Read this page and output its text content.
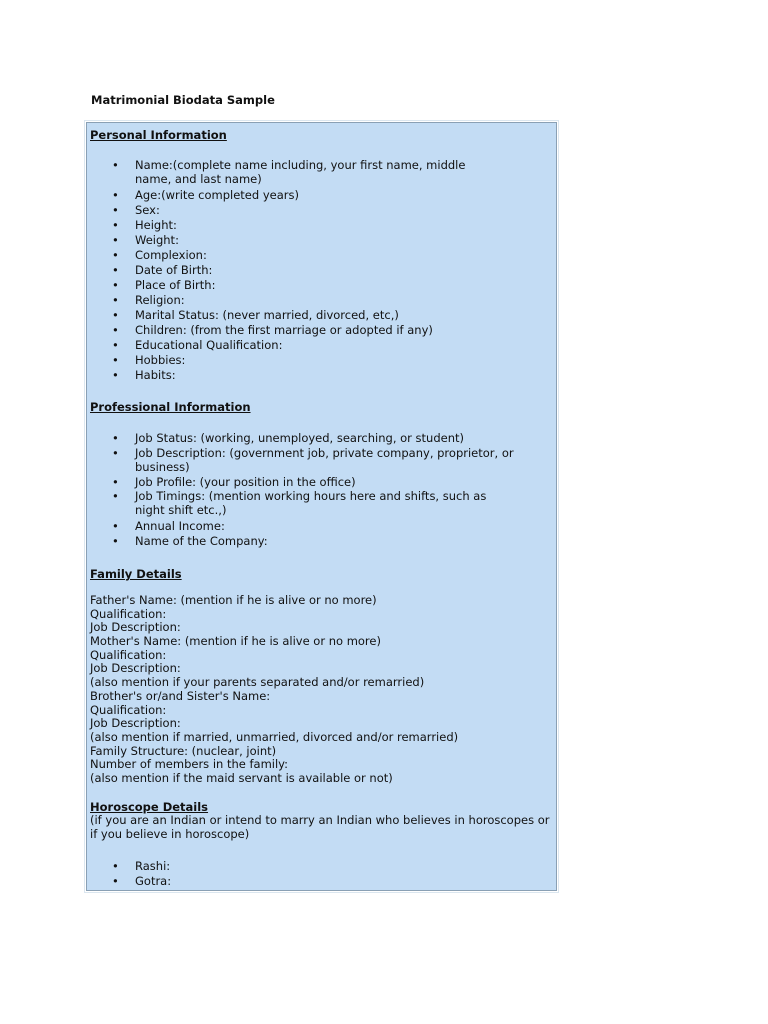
Matrimonial Biodata Sample
Personal Information
• Name:(complete name including, your first name, middle name, and last name)
• Age:(write completed years)
• Sex:
• Height:
• Weight:
• Complexion:
• Date of Birth:
• Place of Birth:
• Religion:
• Marital Status: (never married, divorced, etc,)
• Children: (from the first marriage or adopted if any)
• Educational Qualification:
• Hobbies:
• Habits:
Professional Information
• Job Status: (working, unemployed, searching, or student)
• Job Description: (government job, private company, proprietor, or business)
• Job Profile: (your position in the office)
• Job Timings: (mention working hours here and shifts, such as night shift etc.,)
• Annual Income:
• Name of the Company:
Family Details
Father's Name: (mention if he is alive or no more)
Qualification:
Job Description:
Mother's Name: (mention if he is alive or no more)
Qualification:
Job Description:
(also mention if your parents separated and/or remarried)
Brother's or/and Sister's Name:
Qualification:
Job Description:
(also mention if married, unmarried, divorced and/or remarried)
Family Structure: (nuclear, joint)
Number of members in the family:
(also mention if the maid servant is available or not)
Horoscope Details
(if you are an Indian or intend to marry an Indian who believes in horoscopes or if you believe in horoscope)
• Rashi:
• Gotra:
